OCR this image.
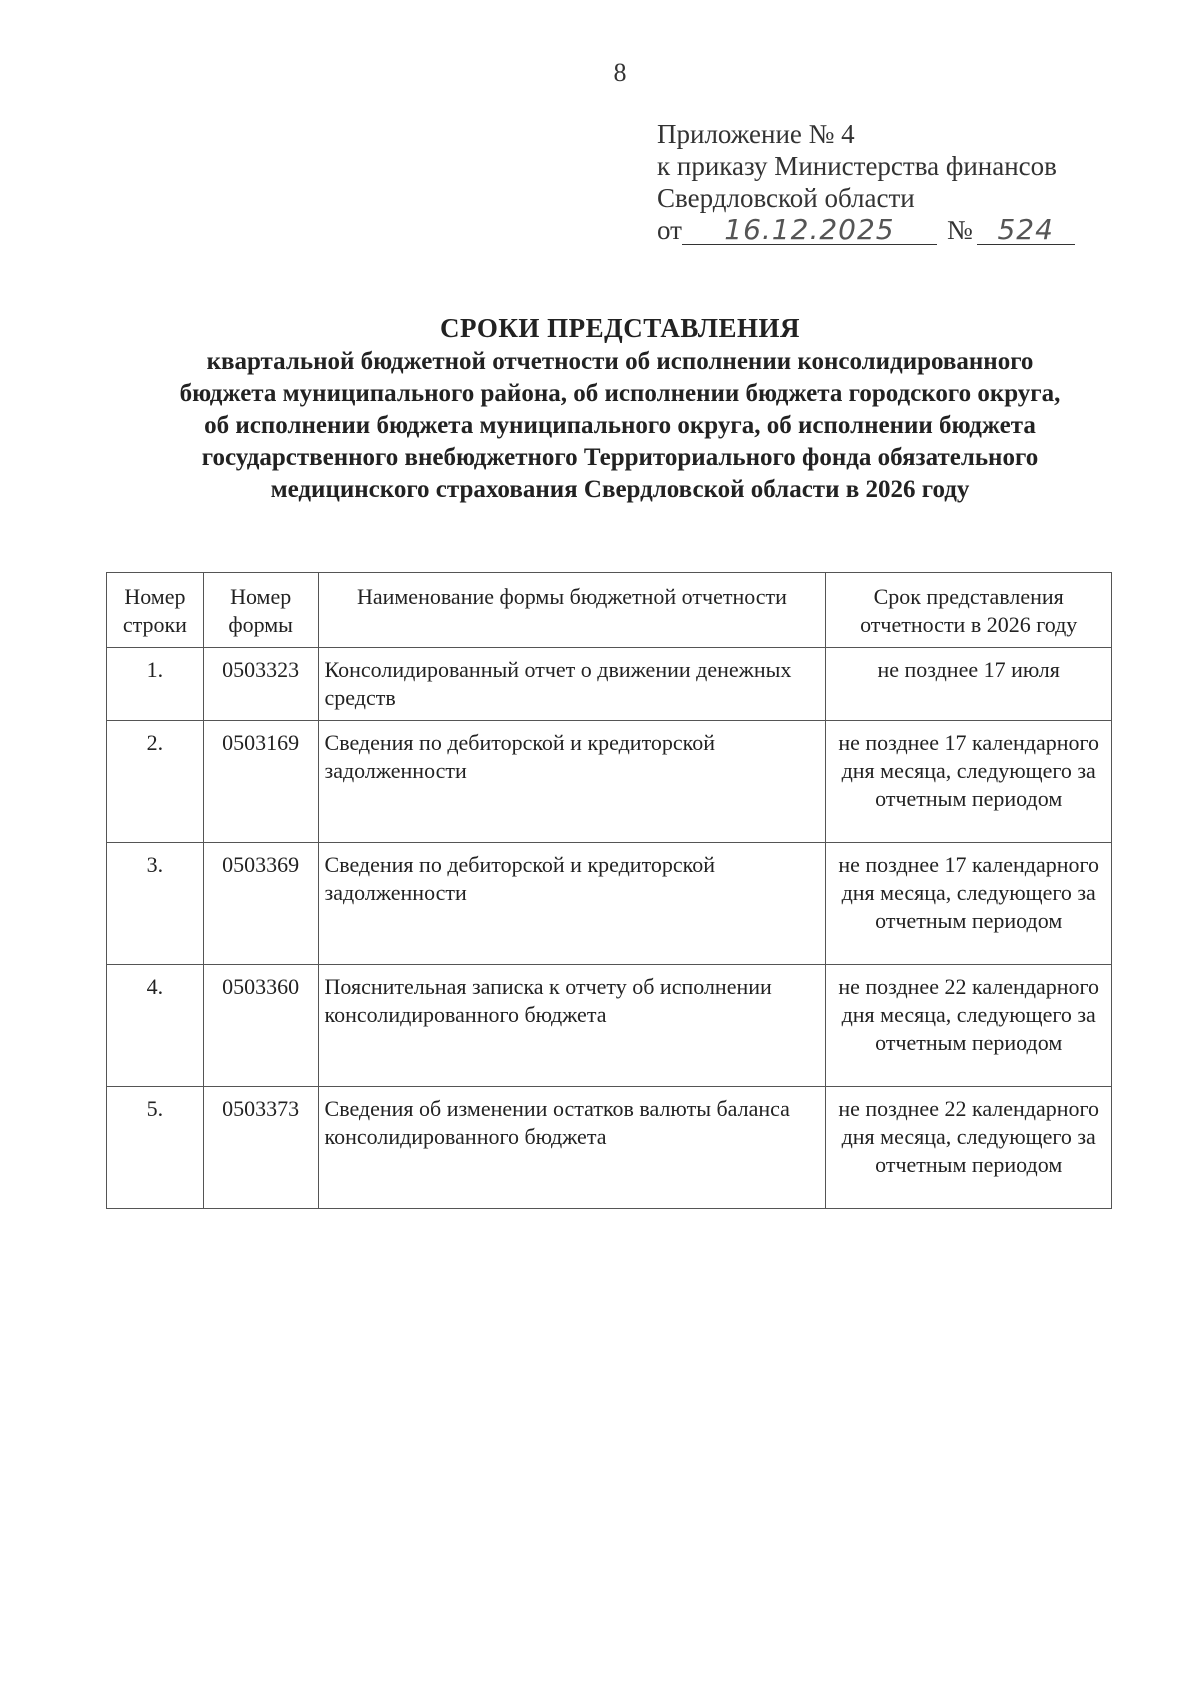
8
Приложение № 4
к приказу Министерства финансов
Свердловской области
от 16.12.2025 № 524
СРОКИ ПРЕДСТАВЛЕНИЯ
квартальной бюджетной отчетности об исполнении консолидированного
бюджета муниципального района, об исполнении бюджета городского округа,
об исполнении бюджета муниципального округа, об исполнении бюджета
государственного внебюджетного Территориального фонда обязательного
медицинского страхования Свердловской области в 2026 году
Номер строки	Номер формы	Наименование формы бюджетной отчетности	Срок представления отчетности в 2026 году
1.	0503323	Консолидированный отчет о движении денежных средств	не позднее 17 июля
2.	0503169	Сведения по дебиторской и кредиторской задолженности	не позднее 17 календарного дня месяца, следующего за отчетным периодом
3.	0503369	Сведения по дебиторской и кредиторской задолженности	не позднее 17 календарного дня месяца, следующего за отчетным периодом
4.	0503360	Пояснительная записка к отчету об исполнении консолидированного бюджета	не позднее 22 календарного дня месяца, следующего за отчетным периодом
5.	0503373	Сведения об изменении остатков валюты баланса консолидированного бюджета	не позднее 22 календарного дня месяца, следующего за отчетным периодом
